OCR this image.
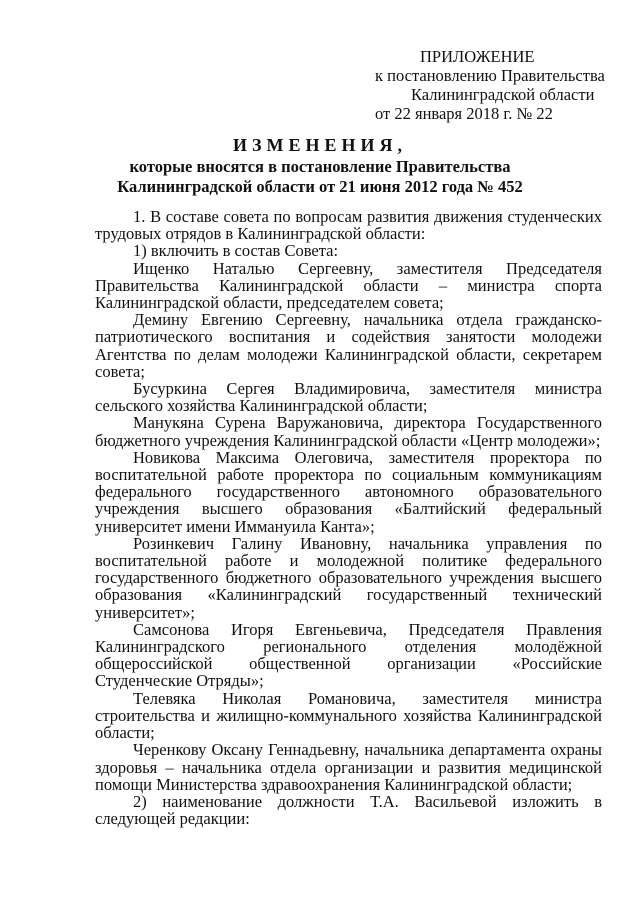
ПРИЛОЖЕНИЕ
к постановлению Правительства
Калининградской области
от 22 января 2018 г. № 22
ИЗМЕНЕНИЯ,
которые вносятся в постановление Правительства
Калининградской области от 21 июня 2012 года № 452

1. В составе совета по вопросам развития движения студенческих трудовых отрядов в Калининградской области:

1) включить в состав Совета:

Ищенко Наталью Сергеевну, заместителя Председателя Правительства Калининградской области – министра спорта Калининградской области, председателем совета;

Демину Евгению Сергеевну, начальника отдела гражданско-патриотического воспитания и содействия занятости молодежи Агентства по делам молодежи Калининградской области, секретарем совета;

Бусуркина Сергея Владимировича, заместителя министра сельского хозяйства Калининградской области;

Манукяна Сурена Варужановича, директора Государственного бюджетного учреждения Калининградской области «Центр молодежи»;

Новикова Максима Олеговича, заместителя проректора по воспитательной работе проректора по социальным коммуникациям федерального государственного автономного образовательного учреждения высшего образования «Балтийский федеральный университет имени Иммануила Канта»;

Розинкевич Галину Ивановну, начальника управления по воспитательной работе и молодежной политике федерального государственного бюджетного образовательного учреждения высшего образования «Калининградский государственный технический университет»;

Самсонова Игоря Евгеньевича, Председателя Правления Калининградского регионального отделения молодёжной общероссийской общественной организации «Российские Студенческие Отряды»;

Телевяка Николая Романовича, заместителя министра строительства и жилищно-коммунального хозяйства Калининградской области;

Черенкову Оксану Геннадьевну, начальника департамента охраны здоровья – начальника отдела организации и развития медицинской помощи Министерства здравоохранения Калининградской области;

2) наименование должности Т.А. Васильевой изложить в следующей редакции:
